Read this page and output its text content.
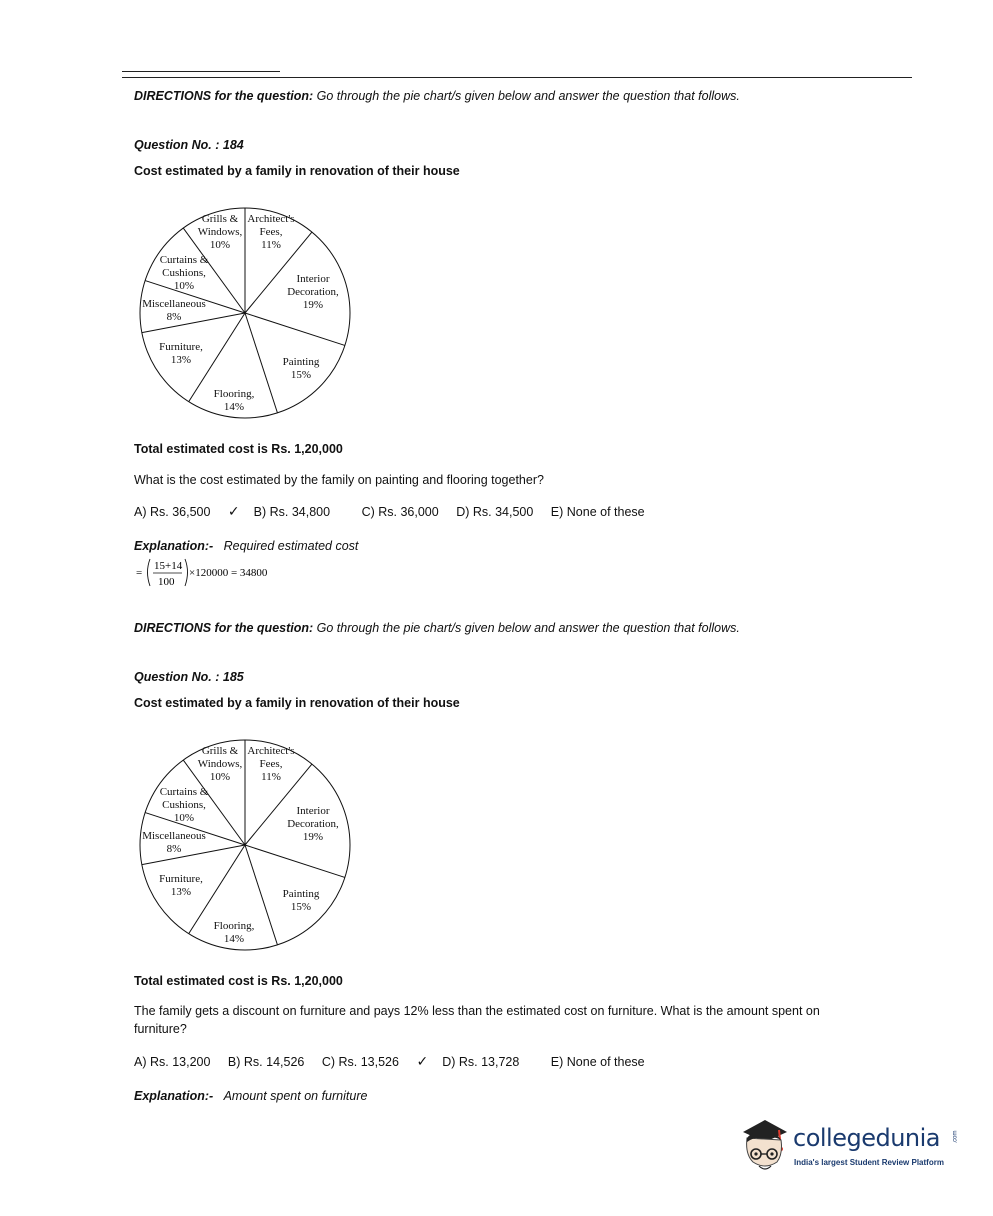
DIRECTIONS for the question: Go through the pie chart/s given below and answer the question that follows.
Question No. : 184
Cost estimated by a family in renovation of their house
Architect's Fees, 11%
Interior Decoration, 19%
Painting 15%
Flooring, 14%
Furniture, 13%
Miscellaneous 8%
Curtains & Cushions, 10%
Grills & Windows, 10%
Total estimated cost is Rs. 1,20,000
What is the cost estimated by the family on painting and flooring together?
A) Rs. 36,500 ✓ B) Rs. 34,800	C) Rs. 36,000 D) Rs. 34,500 E) None of these
Explanation:- Required estimated cost
=
15+14
100
×120000 = 34800
DIRECTIONS for the question: Go through the pie chart/s given below and answer the question that follows.
Question No. : 185
Cost estimated by a family in renovation of their house
Architect's Fees, 11%
Interior Decoration, 19%
Painting 15%
Flooring, 14%
Furniture, 13%
Miscellaneous 8%
Curtains & Cushions, 10%
Grills & Windows, 10%
Total estimated cost is Rs. 1,20,000
The family gets a discount on furniture and pays 12% less than the estimated cost on furniture. What is the amount spent on
furniture?
A) Rs. 13,200 B) Rs. 14,526 C) Rs. 13,526 ✓ D) Rs. 13,728	E) None of these
Explanation:- Amount spent on furniture
collegedunia .com
India's largest Student Review Platform
